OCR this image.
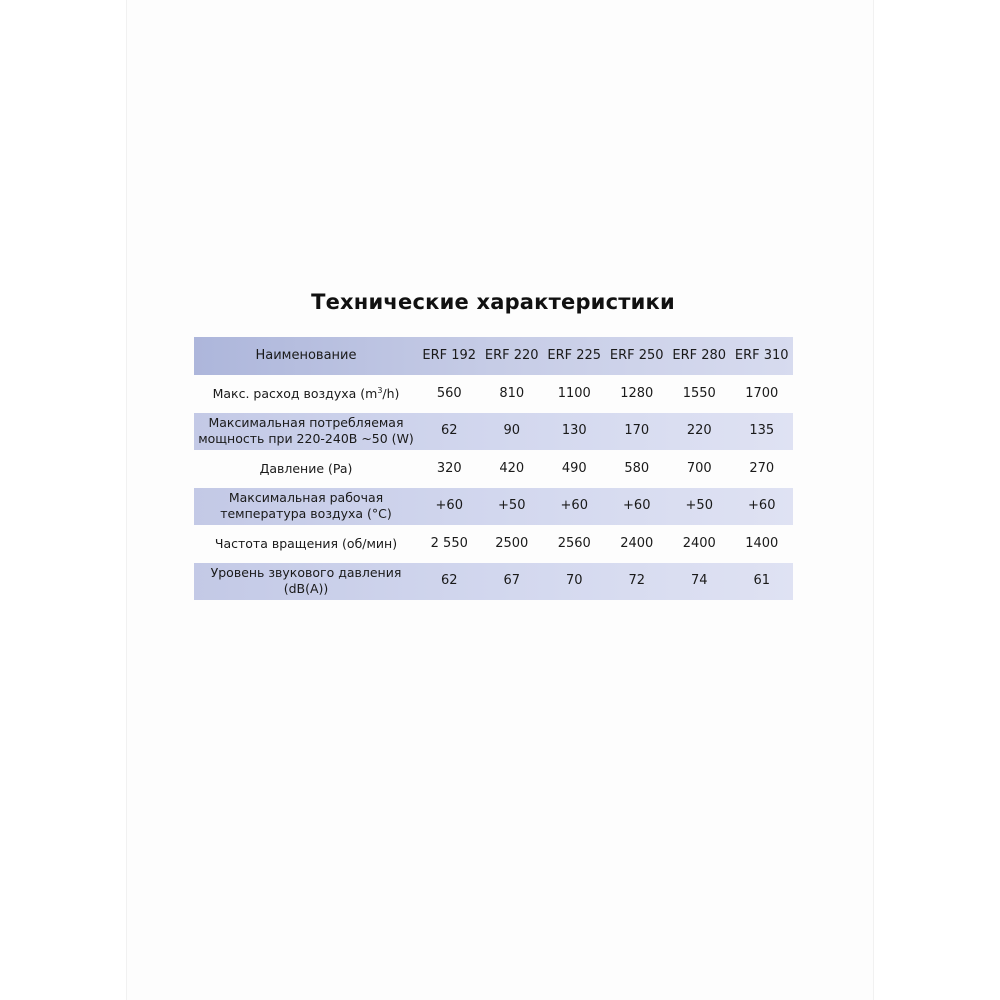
Технические характеристики
Наименование	ERF 192	ERF 220	ERF 225	ERF 250	ERF 280	ERF 310
Макс. расход воздуха $(m^3/h)$	560	810	1100	1280	1550	1700
Максимальная потребляемая
мощность при 220-240В ~50 (W)	62	90	130	170	220	135
Давление (Pa)	320	420	490	580	700	270
Максимальная рабочая
температура воздуха (°С)	+60	+50	+60	+60	+50	+60
Частота вращения (об/мин)	2 550	2500	2560	2400	2400	1400
Уровень звукового давления
(dB(A))	62	67	70	72	74	61
